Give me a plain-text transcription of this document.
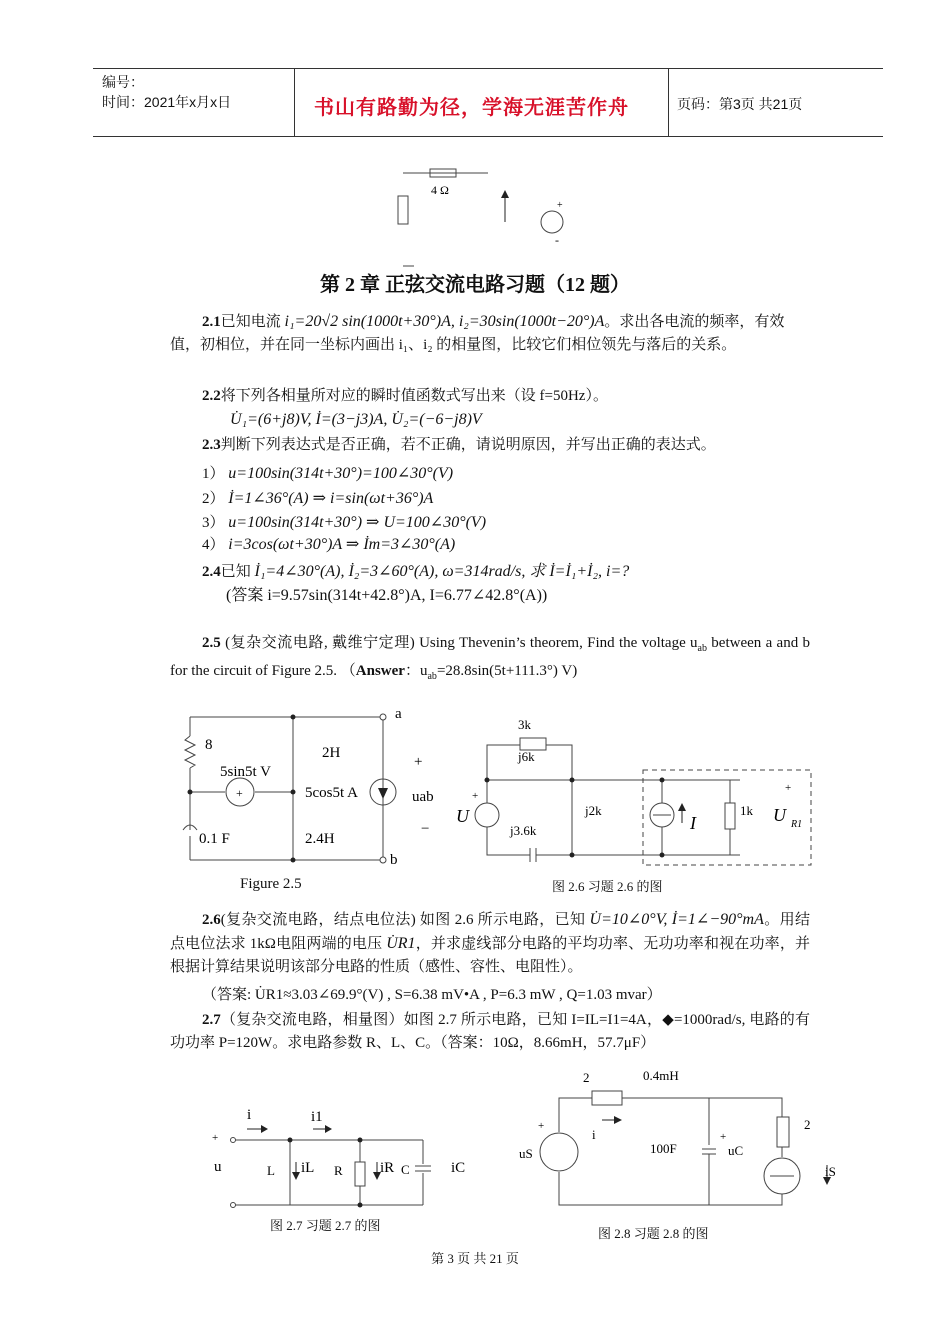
编号：
时间：2021年x月x日	书山有路勤为径，学海无涯苦作舟	页码：第3页 共21页
4 Ω
+
-
第 2 章 正弦交流电路习题（12 题）
2.1已知电流 i₁=20√2 sin(1000t+30°)A, i₂=30sin(1000t−20°)A。求出各电流的频率，有效值，初相位，并在同一坐标内画出 i₁、i₂ 的相量图，比较它们相位领先与落后的关系。
2.2将下列各相量所对应的瞬时值函数式写出来（设 f=50Hz）。
U̇₁=(6+j8)V, İ=(3−j3)A, U̇₂=(−6−j8)V
2.3判断下列表达式是否正确，若不正确，请说明原因，并写出正确的表达式。
1） u=100sin(314t+30°)=100∠30°(V)
2） İ=1∠36°(A) ⇒ i=sin(ωt+36°)A
3） u=100sin(314t+30°) ⇒ U=100∠30°(V)
4） i=3cos(ωt+30°)A ⇒ İm=3∠30°(A)
2.4已知 İ₁=4∠30°(A), İ₂=3∠60°(A), ω=314rad/s, 求 İ=İ₁+İ₂, i=?
(答案 i=9.57sin(314t+42.8°)A, I=6.77∠42.8°(A))
2.5 (复杂交流电路, 戴维宁定理) Using Thevenin’s theorem, Find the voltage $u_{ab}$ between a and b for the circuit of Figure 2.5. （Answer：$u_{ab}=28.8\sin(5t+111.3^\circ)$ V)
8
5sin5t V
+
2H
5cos5t A
0.1 F	2.4H
a
b
+
uab
−
Figure 2.5
3k
j6k
j2k
j3.6k
1k
+
U	I
+
U R1
图 2.6 习题 2.6 的图
2.6(复杂交流电路，结点电位法) 如图 2.6 所示电路，已知 U̇=10∠0°V, İ=1∠−90°mA。用结点电位法求 1kΩ电阻两端的电压 U̇R1，并求虚线部分电路的平均功率、无功功率和视在功率，并根据计算结果说明该部分电路的性质（感性、容性、电阻性）。
（答案: U̇R1≈3.03∠69.9°(V) , S=6.38 mV•A , P=6.3 mW , Q=1.03 mvar）
2.7（复杂交流电路，相量图）如图 2.7 所示电路，已知 I=IL=I1=4A，◆=1000rad/s, 电路的有功功率 P=120W。求电路参数 R、L、C。（答案：10Ω，8.66mH，57.7μF）
i	i1
+
u	L iL R iR C	iC
图 2.7 习题 2.7 的图
2	0.4mH
i
+
uS	100F
+
uC
2
iS
图 2.8 习题 2.8 的图
第 3 页 共 21 页
